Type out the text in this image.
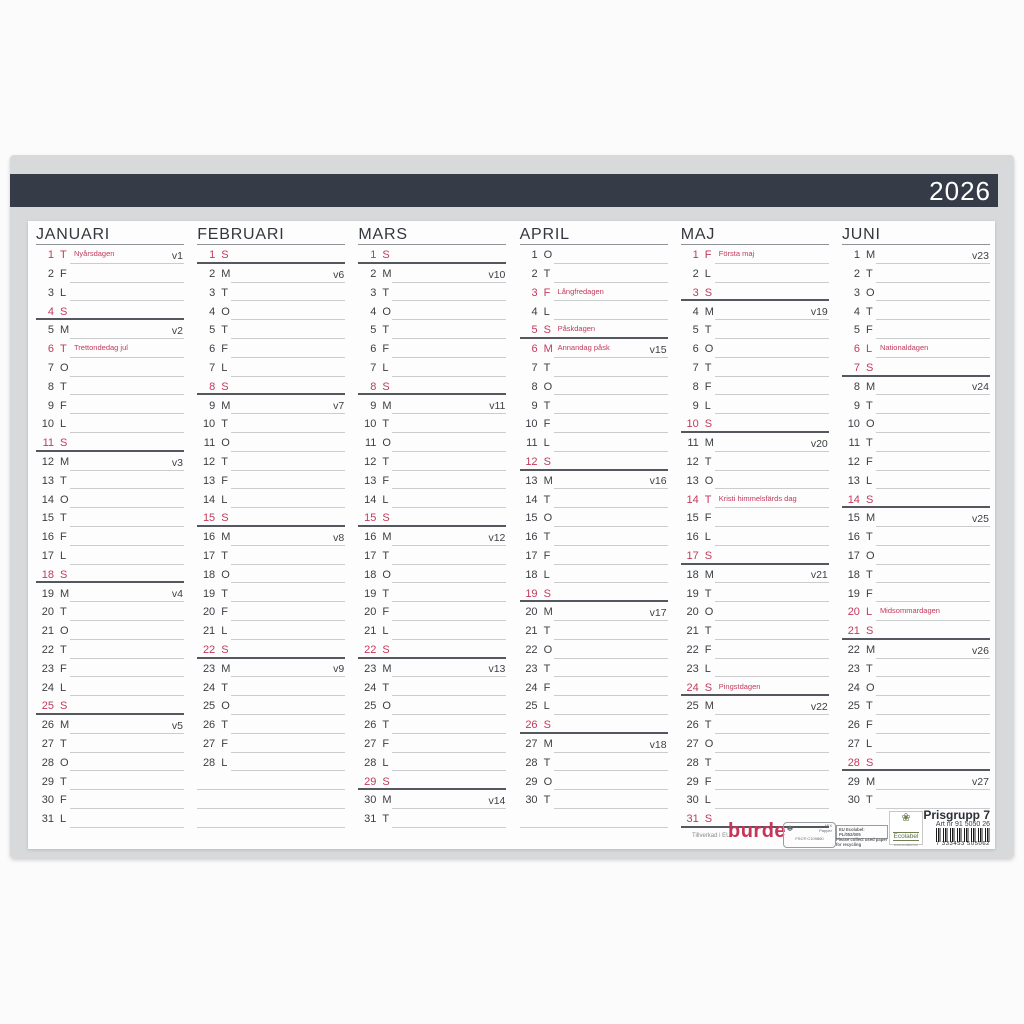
2026
JANUARI
1 T Nyårsdagen	v1
2 F
3 L
4 S
5 M	v2
6 T Trettondedag jul
7 O
8 T
9 F
10 L
11 S
12 M	v3
13 T
14 O
15 T
16 F
17 L
18 S
19 M	v4
20 T
21 O
22 T
23 F
24 L
25 S
26 M	v5
27 T
28 O
29 T
30 F
31 L
FEBRUARI
1 S
2 M	v6
3 T
4 O
5 T
6 F
7 L
8 S
9 M	v7
10 T
11 O
12 T
13 F
14 L
15 S
16 M	v8
17 T
18 O
19 T
20 F
21 L
22 S
23 M	v9
24 T
25 O
26 T
27 F
28 L
MARS
1 S
2 M	v10
3 T
4 O
5 T
6 F
7 L
8 S
9 M	v11
10 T
11 O
12 T
13 F
14 L
15 S
16 M	v12
17 T
18 O
19 T
20 F
21 L
22 S
23 M	v13
24 T
25 O
26 T
27 F
28 L
29 S
30 M	v14
31 T
APRIL
1 O
2 T
3 F Långfredagen
4 L
5 S Påskdagen
6 M Annandag påsk	v15
7 T
8 O
9 T
10 F
11 L
12 S
13 M	v16
14 T
15 O
16 T
17 F
18 L
19 S
20 M	v17
21 T
22 O
23 T
24 F
25 L
26 S
27 M	v18
28 T
29 O
30 T
MAJ
1 F Första maj
2 L
3 S
4 M	v19
5 T
6 O
7 T
8 F
9 L
10 S
11 M	v20
12 T
13 O
14 T Kristi himmelsfärds dag
15 F
16 L
17 S
18 M	v21
19 T
20 O
21 T
22 F
23 L
24 S Pingstdagen
25 M	v22
26 T
27 O
28 T
29 F
30 L
31 S
JUNI
1 M	v23
2 T
3 O
4 T
5 F
6 L Nationaldagen
7 S
8 M	v24
9 T
10 O
11 T
12 F
13 L
14 S
15 M	v25
16 T
17 O
18 T
19 F
20 L Midsommardagen
21 S
22 M	v26
23 T
24 O
25 T
26 F
27 L
28 S
29 M	v27
30 T
Tillverkad i EU
burde ♣	MIX
Papper
FSC® C109860
EU Ecolabel: PL/052/005
Please collect used paper for recycling
❀
Ecolabel
www.ecolabel.eu
Prisgrupp 7
Art nr 91 5050 26
7 333453 505062
